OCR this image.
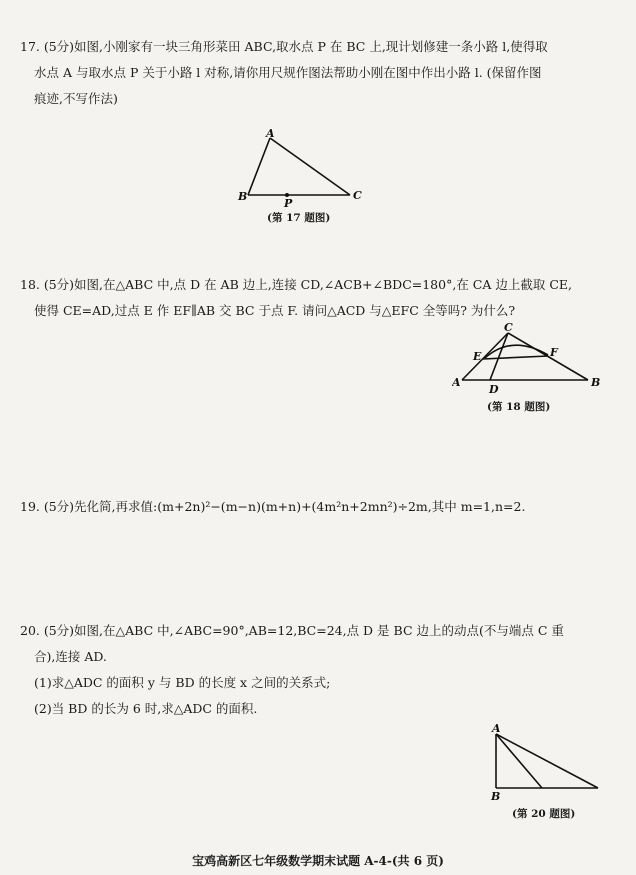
17. (5分)如图,小刚家有一块三角形菜田 ABC,取水点 P 在 BC 上,现计划修建一条小路 l,使得取

水点 A 与取水点 P 关于小路 l 对称,请你用尺规作图法帮助小刚在图中作出小路 l. (保留作图

痕迹,不写作法)

A
B
P
C
(第 17 题图)

18. (5分)如图,在△ABC 中,点 D 在 AB 边上,连接 CD,∠ACB+∠BDC=180°,在 CA 边上截取 CE,

使得 CE=AD,过点 E 作 EF∥AB 交 BC 于点 F. 请问△ACD 与△EFC 全等吗? 为什么?

C
E	F
A
D
B
(第 18 题图)

19. (5分)先化简,再求值:(m+2n)²−(m−n)(m+n)+(4m²n+2mn²)÷2m,其中 m=1,n=2.

20. (5分)如图,在△ABC 中,∠ABC=90°,AB=12,BC=24,点 D 是 BC 边上的动点(不与端点 C 重

合),连接 AD.

(1)求△ADC 的面积 y 与 BD 的长度 x 之间的关系式;

(2)当 BD 的长为 6 时,求△ADC 的面积.

A
B
(第 20 题图)
宝鸡高新区七年级数学期末试题 A-4-(共 6 页)
